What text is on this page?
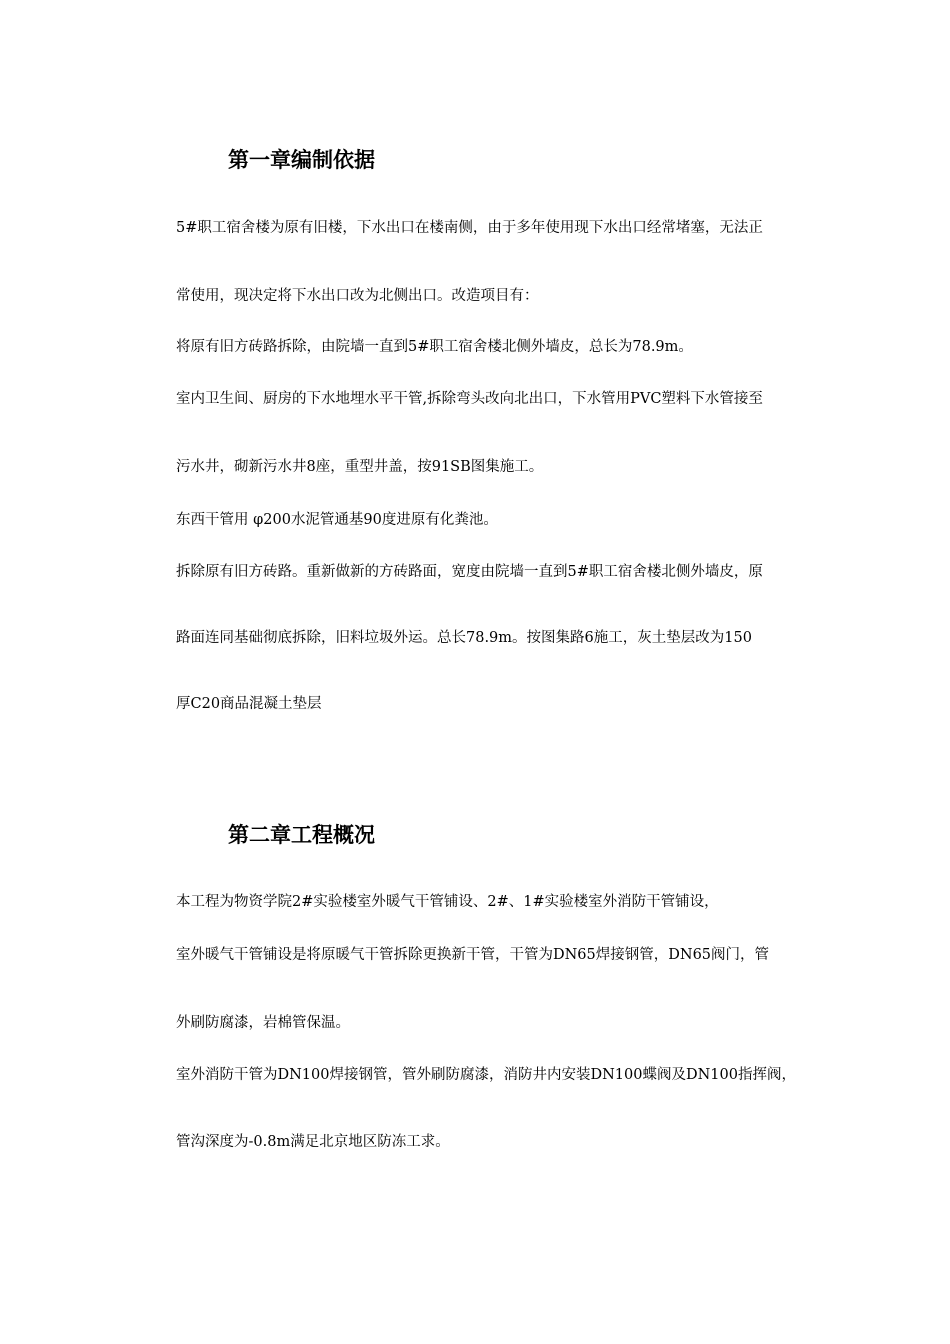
第一章编制依据
5#职工宿舍楼为原有旧楼，下水出口在楼南侧，由于多年使用现下水出口经常堵塞，无法正
常使用，现决定将下水出口改为北侧出口。改造项目有：
将原有旧方砖路拆除，由院墙一直到5#职工宿舍楼北侧外墙皮，总长为78.9m。
室内卫生间、厨房的下水地埋水平干管,拆除弯头改向北出口，下水管用PVC塑料下水管接至
污水井，砌新污水井8座，重型井盖，按91SB图集施工。
东西干管用 φ200水泥管通基90度进原有化粪池。
拆除原有旧方砖路。重新做新的方砖路面，宽度由院墙一直到5#职工宿舍楼北侧外墙皮，原
路面连同基础彻底拆除，旧料垃圾外运。总长78.9m。按图集路6施工，灰土垫层改为150
厚C20商品混凝土垫层
第二章工程概况
本工程为物资学院2#实验楼室外暖气干管铺设、2#、1#实验楼室外消防干管铺设，
室外暖气干管铺设是将原暖气干管拆除更换新干管，干管为DN65焊接钢管，DN65阀门，管
外刷防腐漆，岩棉管保温。
室外消防干管为DN100焊接钢管，管外刷防腐漆，消防井内安装DN100蝶阀及DN100指挥阀，
管沟深度为-0.8m满足北京地区防冻工求。
